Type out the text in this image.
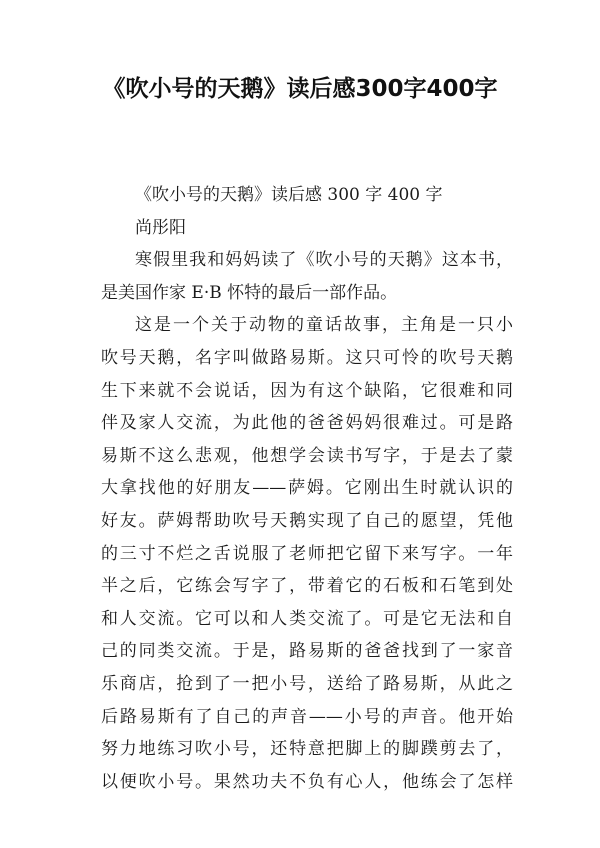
《吹小号的天鹅》读后感300字400字
《吹小号的天鹅》读后感 300 字 400 字
尚彤阳
寒假里我和妈妈读了《吹小号的天鹅》这本书，
是美国作家 E·B 怀特的最后一部作品。
这是一个关于动物的童话故事，主角是一只小
吹号天鹅，名字叫做路易斯。这只可怜的吹号天鹅
生下来就不会说话，因为有这个缺陷，它很难和同
伴及家人交流，为此他的爸爸妈妈很难过。可是路
易斯不这么悲观，他想学会读书写字，于是去了蒙
大拿找他的好朋友——萨姆。它刚出生时就认识的
好友。萨姆帮助吹号天鹅实现了自己的愿望，凭他
的三寸不烂之舌说服了老师把它留下来写字。一年
半之后，它练会写字了，带着它的石板和石笔到处
和人交流。它可以和人类交流了。可是它无法和自
己的同类交流。于是，路易斯的爸爸找到了一家音
乐商店，抢到了一把小号，送给了路易斯，从此之
后路易斯有了自己的声音——小号的声音。他开始
努力地练习吹小号，还特意把脚上的脚蹼剪去了，
以便吹小号。果然功夫不负有心人，他练会了怎样
